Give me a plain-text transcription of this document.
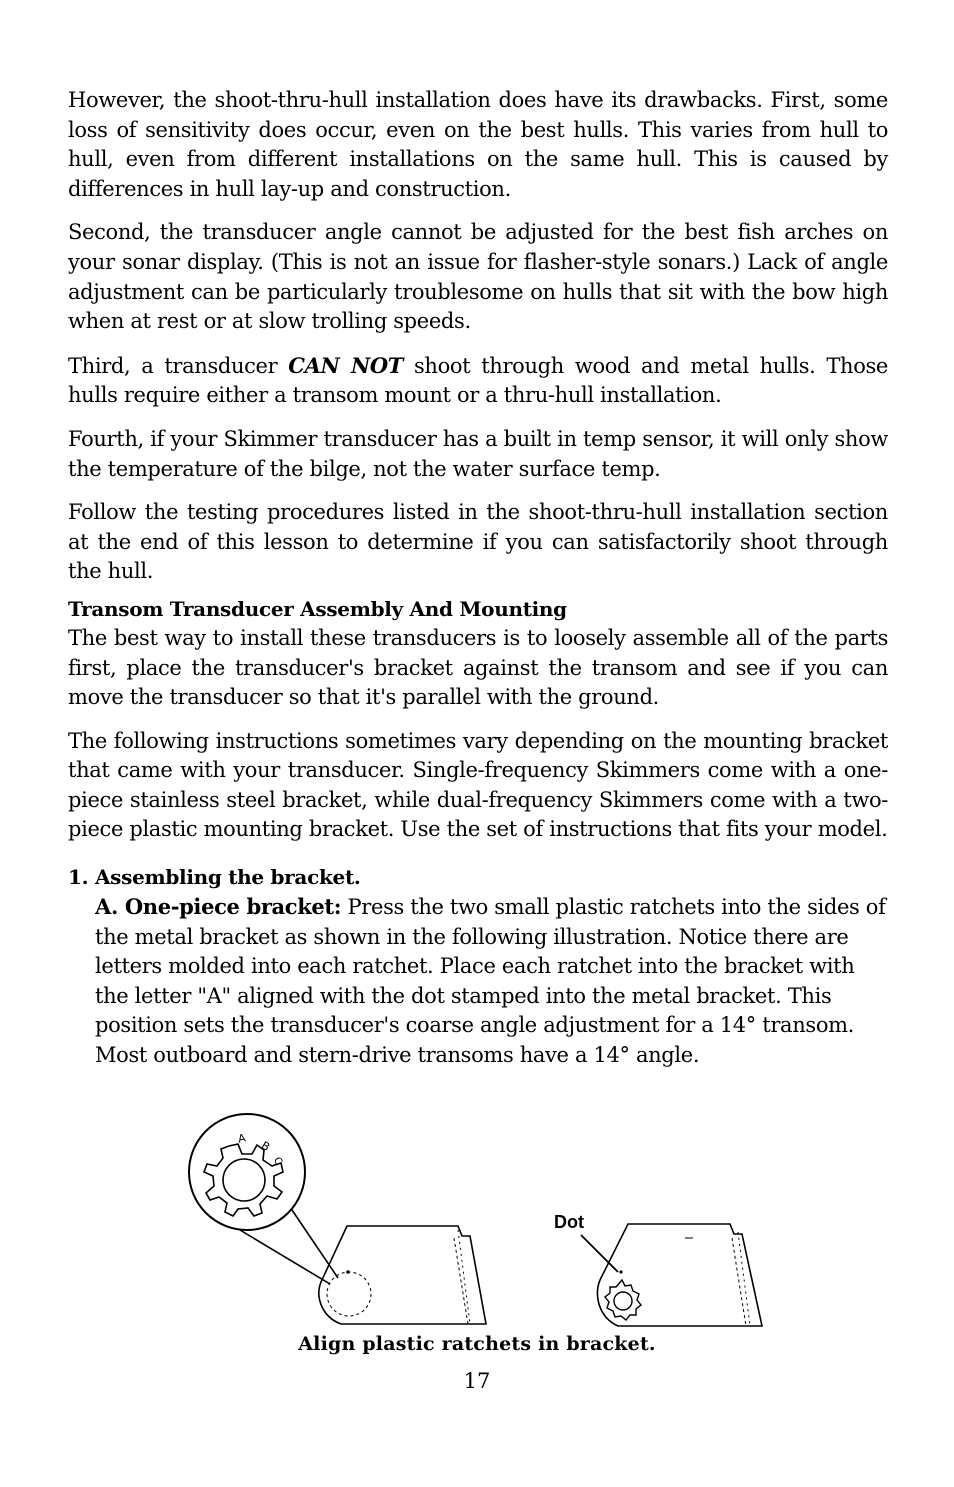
However, the shoot-thru-hull installation does have its drawbacks. First, some loss of sensitivity does occur, even on the best hulls. This varies from hull to hull, even from different installations on the same hull. This is caused by differences in hull lay-up and construction.

Second, the transducer angle cannot be adjusted for the best fish arches on your sonar display. (This is not an issue for flasher-style sonars.) Lack of angle adjustment can be particularly troublesome on hulls that sit with the bow high when at rest or at slow trolling speeds.

Third, a transducer CAN NOT shoot through wood and metal hulls. Those hulls require either a transom mount or a thru-hull installation.

Fourth, if your Skimmer transducer has a built in temp sensor, it will only show the temperature of the bilge, not the water surface temp.

Follow the testing procedures listed in the shoot-thru-hull installation section at the end of this lesson to determine if you can satisfactorily shoot through the hull.

Transom Transducer Assembly And Mounting

The best way to install these transducers is to loosely assemble all of the parts first, place the transducer's bracket against the transom and see if you can move the transducer so that it's parallel with the ground.

The following instructions sometimes vary depending on the mounting bracket that came with your transducer. Single-frequency Skimmers come with a one-piece stainless steel bracket, while dual-frequency Skimmers come with a two-piece plastic mounting bracket. Use the set of instructions that fits your model.

1. Assembling the bracket.

A. One-piece bracket: Press the two small plastic ratchets into the sides of the metal bracket as shown in the following illustration. Notice there are letters molded into each ratchet. Place each ratchet into the bracket with the letter "A" aligned with the dot stamped into the metal bracket. This position sets the transducer's coarse angle adjustment for a 14° transom. Most outboard and stern-drive transoms have a 14° angle.

A
B
C
Dot
Align plastic ratchets in bracket.
17
